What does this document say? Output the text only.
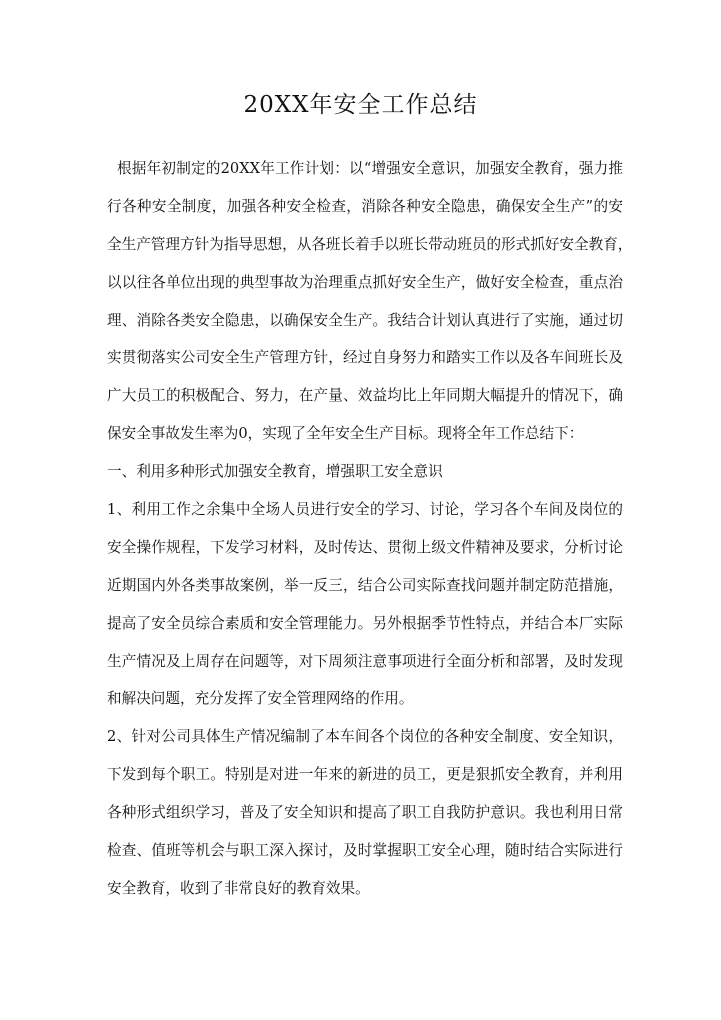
20XX年安全工作总结
根据年初制定的20XX年工作计划：以“增强安全意识，加强安全教育，强力推
行各种安全制度，加强各种安全检查，消除各种安全隐患，确保安全生产”的安
全生产管理方针为指导思想，从各班长着手以班长带动班员的形式抓好安全教育，
以以往各单位出现的典型事故为治理重点抓好安全生产，做好安全检查，重点治
理、消除各类安全隐患，以确保安全生产。我结合计划认真进行了实施，通过切
实贯彻落实公司安全生产管理方针，经过自身努力和踏实工作以及各车间班长及
广大员工的积极配合、努力，在产量、效益均比上年同期大幅提升的情况下，确
保安全事故发生率为0，实现了全年安全生产目标。现将全年工作总结下：
一、利用多种形式加强安全教育，增强职工安全意识
1、利用工作之余集中全场人员进行安全的学习、讨论，学习各个车间及岗位的
安全操作规程，下发学习材料，及时传达、贯彻上级文件精神及要求，分析讨论
近期国内外各类事故案例，举一反三，结合公司实际查找问题并制定防范措施，
提高了安全员综合素质和安全管理能力。另外根据季节性特点，并结合本厂实际
生产情况及上周存在问题等，对下周须注意事项进行全面分析和部署，及时发现
和解决问题，充分发挥了安全管理网络的作用。
2、针对公司具体生产情况编制了本车间各个岗位的各种安全制度、安全知识，
下发到每个职工。特别是对进一年来的新进的员工，更是狠抓安全教育，并利用
各种形式组织学习，普及了安全知识和提高了职工自我防护意识。我也利用日常
检查、值班等机会与职工深入探讨，及时掌握职工安全心理，随时结合实际进行
安全教育，收到了非常良好的教育效果。
